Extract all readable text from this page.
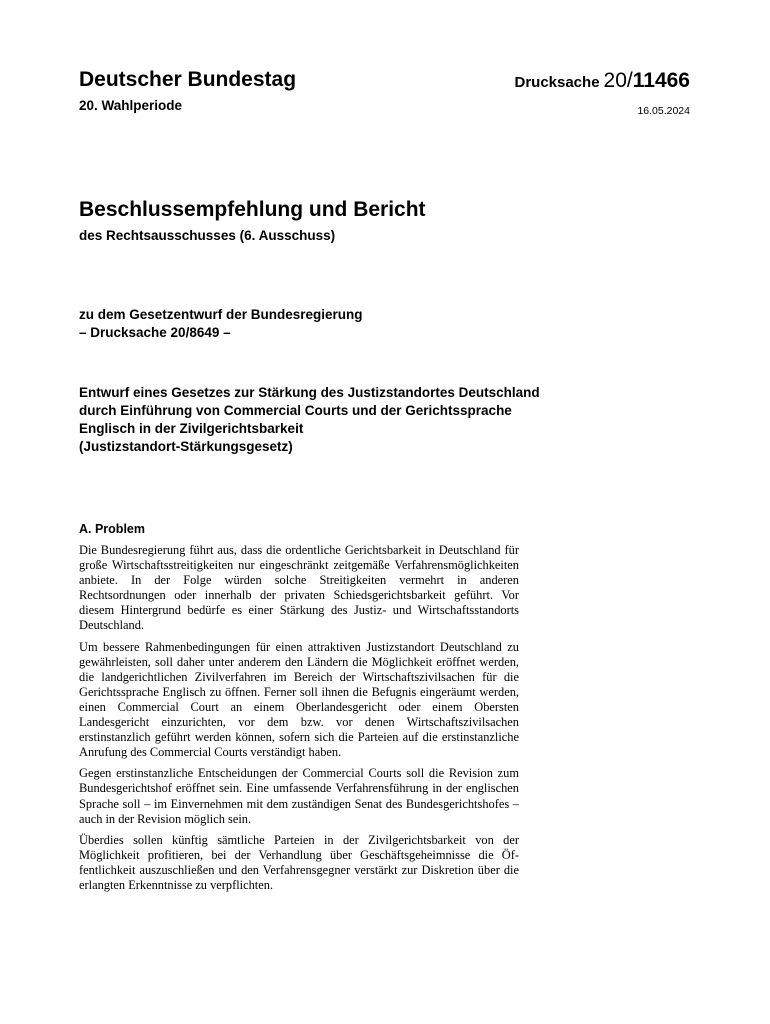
Deutscher Bundestag
20. Wahlperiode
Drucksache 20/11466
16.05.2024
Beschlussempfehlung und Bericht
des Rechtsausschusses (6. Ausschuss)
zu dem Gesetzentwurf der Bundesregierung
– Drucksache 20/8649 –
Entwurf eines Gesetzes zur Stärkung des Justizstandortes Deutschland
durch Einführung von Commercial Courts und der Gerichtssprache
Englisch in der Zivilgerichtsbarkeit
(Justizstandort-Stärkungsgesetz)
A. Problem

Die Bundesregierung führt aus, dass die ordentliche Gerichtsbarkeit in Deutschland für große Wirtschaftsstreitigkeiten nur eingeschränkt zeitgemäße Verfahrensmöglichkeiten anbiete. In der Folge würden solche Streitigkeiten vermehrt in anderen Rechtsordnungen oder innerhalb der privaten Schiedsgerichtsbarkeit geführt. Vor diesem Hintergrund bedürfe es einer Stärkung des Justiz- und Wirtschaftsstandorts Deutschland.

Um bessere Rahmenbedingungen für einen attraktiven Justizstandort Deutschland zu gewährleisten, soll daher unter anderem den Ländern die Möglichkeit eröffnet werden, die landgerichtlichen Zivilverfahren im Bereich der Wirtschaftszivilsachen für die Gerichtssprache Englisch zu öffnen. Ferner soll ihnen die Befugnis eingeräumt werden, einen Commercial Court an einem Oberlandesgericht oder einem Obersten Landesgericht einzurichten, vor dem bzw. vor denen Wirtschaftszivilsachen erstinstanzlich geführt werden können, sofern sich die Parteien auf die erstinstanzliche Anrufung des Commercial Courts verständigt haben.

Gegen erstinstanzliche Entscheidungen der Commercial Courts soll die Revision zum Bundesgerichtshof eröffnet sein. Eine umfassende Verfahrensführung in der englischen Sprache soll – im Einvernehmen mit dem zuständigen Senat des Bundesgerichtshofes – auch in der Revision möglich sein.

Überdies sollen künftig sämtliche Parteien in der Zivilgerichtsbarkeit von der Möglichkeit profitieren, bei der Verhandlung über Geschäftsgeheimnisse die Öffentlichkeit auszuschließen und den Verfahrensgegner verstärkt zur Diskretion über die erlangten Erkenntnisse zu verpflichten.
